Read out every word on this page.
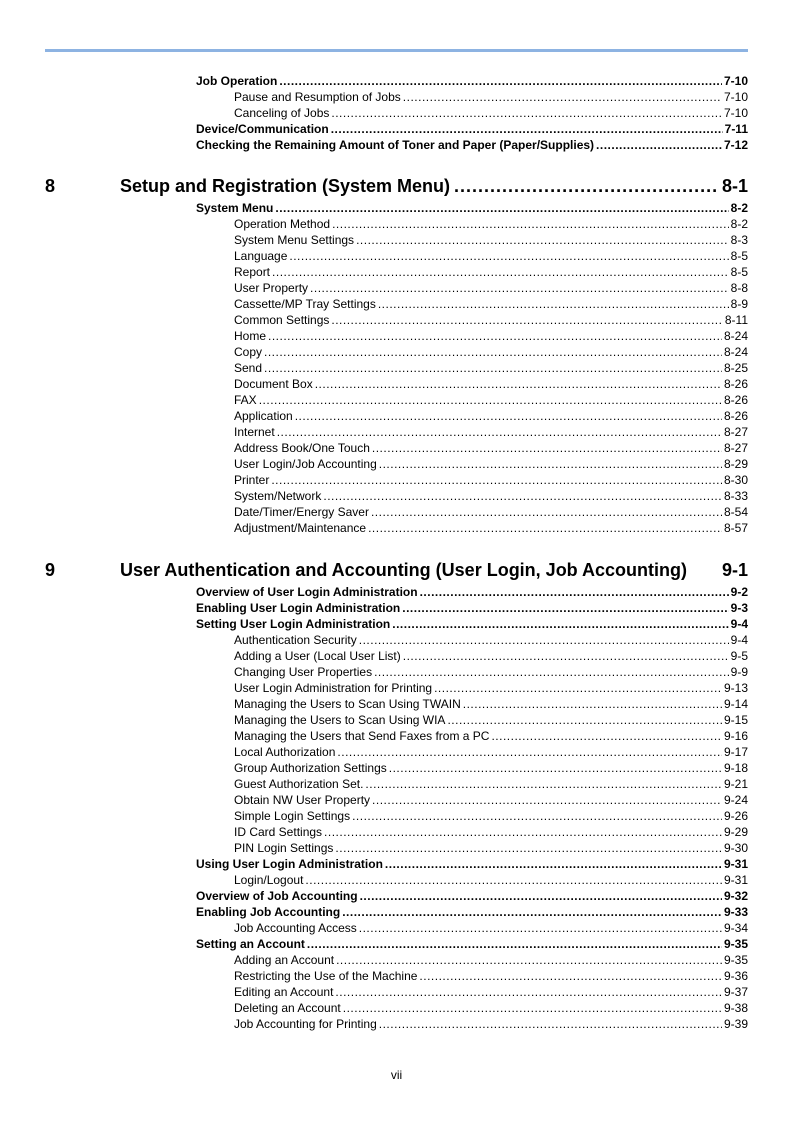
vii
Job Operation .....	7-10
Pause and Resumption of Jobs .....	7-10
Canceling of Jobs .....	7-10
Device/Communication .....	7-11
Checking the Remaining Amount of Toner and Paper (Paper/Supplies) .....	7-12
8	Setup and Registration (System Menu) .....	8-1
System Menu .....	8-2
Operation Method .....	8-2
System Menu Settings .....	8-3
Language .....	8-5
Report .....	8-5
User Property .....	8-8
Cassette/MP Tray Settings .....	8-9
Common Settings .....	8-11
Home .....	8-24
Copy .....	8-24
Send .....	8-25
Document Box .....	8-26
FAX .....	8-26
Application .....	8-26
Internet .....	8-27
Address Book/One Touch .....	8-27
User Login/Job Accounting .....	8-29
Printer .....	8-30
System/Network .....	8-33
Date/Timer/Energy Saver .....	8-54
Adjustment/Maintenance .....	8-57
9	User Authentication and Accounting (User Login, Job Accounting)	9-1
Overview of User Login Administration .....	9-2
Enabling User Login Administration .....	9-3
Setting User Login Administration .....	9-4
Authentication Security .....	9-4
Adding a User (Local User List) .....	9-5
Changing User Properties .....	9-9
User Login Administration for Printing .....	9-13
Managing the Users to Scan Using TWAIN .....	9-14
Managing the Users to Scan Using WIA .....	9-15
Managing the Users that Send Faxes from a PC .....	9-16
Local Authorization .....	9-17
Group Authorization Settings .....	9-18
Guest Authorization Set. .....	9-21
Obtain NW User Property .....	9-24
Simple Login Settings .....	9-26
ID Card Settings .....	9-29
PIN Login Settings .....	9-30
Using User Login Administration .....	9-31
Login/Logout .....	9-31
Overview of Job Accounting .....	9-32
Enabling Job Accounting .....	9-33
Job Accounting Access .....	9-34
Setting an Account .....	9-35
Adding an Account .....	9-35
Restricting the Use of the Machine .....	9-36
Editing an Account .....	9-37
Deleting an Account .....	9-38
Job Accounting for Printing .....	9-39
